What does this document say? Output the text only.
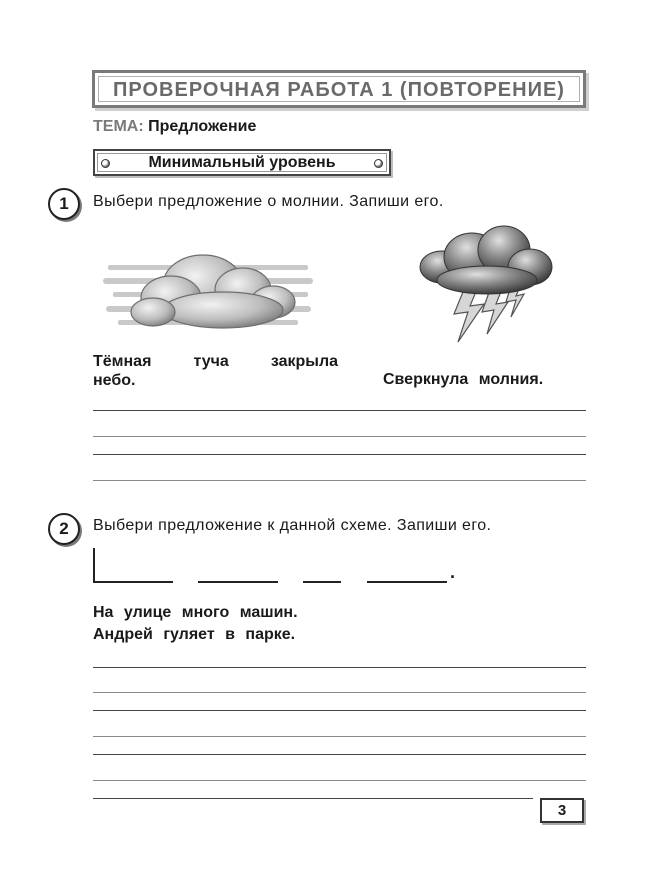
ПРОВЕРОЧНАЯ РАБОТА 1 (ПОВТОРЕНИЕ)
ТЕМА: Предложение
Минимальный уровень
1	Выбери предложение о молнии. Запиши его.
Тёмная туча закрыла
небо.	Сверкнула молния.
2	Выбери предложение к данной схеме. Запиши его.
.
На улице много машин.
Андрей гуляет в парке.
3
